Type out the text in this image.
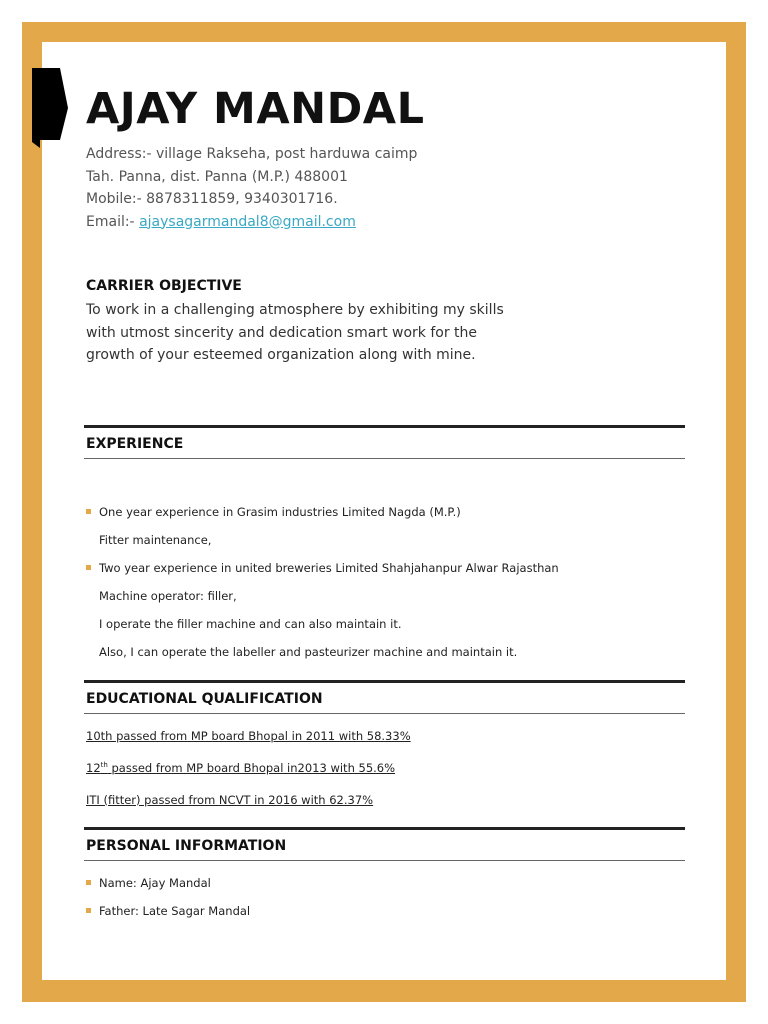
AJAY MANDAL
Address:- village Rakseha, post harduwa caimp
Tah. Panna, dist. Panna (M.P.) 488001
Mobile:- 8878311859, 9340301716.
Email:- ajaysagarmandal8@gmail.com
CARRIER OBJECTIVE
To work in a challenging atmosphere by exhibiting my skills
with utmost sincerity and dedication smart work for the
growth of your esteemed organization along with mine.
EXPERIENCE
One year experience in Grasim industries Limited Nagda (M.P.)
Fitter maintenance,
Two year experience in united breweries Limited Shahjahanpur Alwar Rajasthan
Machine operator: filler,
I operate the filler machine and can also maintain it.
Also, I can operate the labeller and pasteurizer machine and maintain it.
EDUCATIONAL QUALIFICATION
10th passed from MP board Bhopal in 2011 with 58.33%
12th passed from MP board Bhopal in2013 with 55.6%
ITI (fitter) passed from NCVT in 2016 with 62.37%
PERSONAL INFORMATION
Name: Ajay Mandal
Father: Late Sagar Mandal
